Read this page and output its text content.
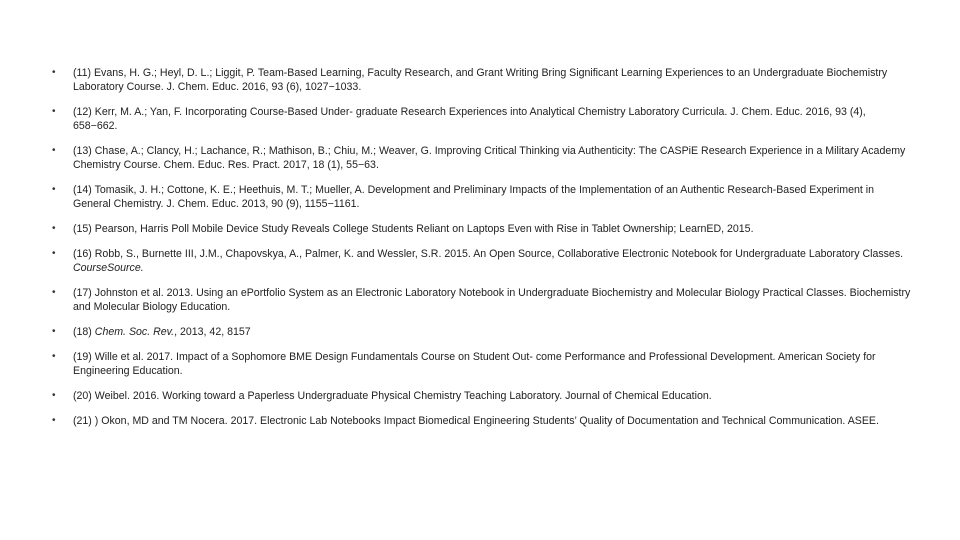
• (11) Evans, H. G.; Heyl, D. L.; Liggit, P. Team-Based Learning, Faculty Research, and Grant Writing Bring Significant Learning Experiences to an Undergraduate Biochemistry Laboratory Course. J. Chem. Educ. 2016, 93 (6), 1027−1033.
• (12) Kerr, M. A.; Yan, F. Incorporating Course-Based Under- graduate Research Experiences into Analytical Chemistry Laboratory Curricula. J. Chem. Educ. 2016, 93 (4), 658−662.
• (13) Chase, A.; Clancy, H.; Lachance, R.; Mathison, B.; Chiu, M.; Weaver, G. Improving Critical Thinking via Authenticity: The CASPiE Research Experience in a Military Academy Chemistry Course. Chem. Educ. Res. Pract. 2017, 18 (1), 55−63.
• (14) Tomasik, J. H.; Cottone, K. E.; Heethuis, M. T.; Mueller, A. Development and Preliminary Impacts of the Implementation of an Authentic Research-Based Experiment in General Chemistry. J. Chem. Educ. 2013, 90 (9), 1155−1161.
• (15) Pearson, Harris Poll Mobile Device Study Reveals College Students Reliant on Laptops Even with Rise in Tablet Ownership; LearnED, 2015.
• (16) Robb, S., Burnette III, J.M., Chapovskya, A., Palmer, K. and Wessler, S.R. 2015. An Open Source, Collaborative Electronic Notebook for Undergraduate Laboratory Classes. CourseSource.
• (17) Johnston et al. 2013. Using an ePortfolio System as an Electronic Laboratory Notebook in Undergraduate Biochemistry and Molecular Biology Practical Classes. Biochemistry and Molecular Biology Education.
• (18) Chem. Soc. Rev., 2013, 42, 8157
• (19) Wille et al. 2017. Impact of a Sophomore BME Design Fundamentals Course on Student Out- come Performance and Professional Development. American Society for Engineering Education.
• (20) Weibel. 2016. Working toward a Paperless Undergraduate Physical Chemistry Teaching Laboratory. Journal of Chemical Education.
• (21) ) Okon, MD and TM Nocera. 2017. Electronic Lab Notebooks Impact Biomedical Engineering Students’ Quality of Documentation and Technical Communication. ASEE.
